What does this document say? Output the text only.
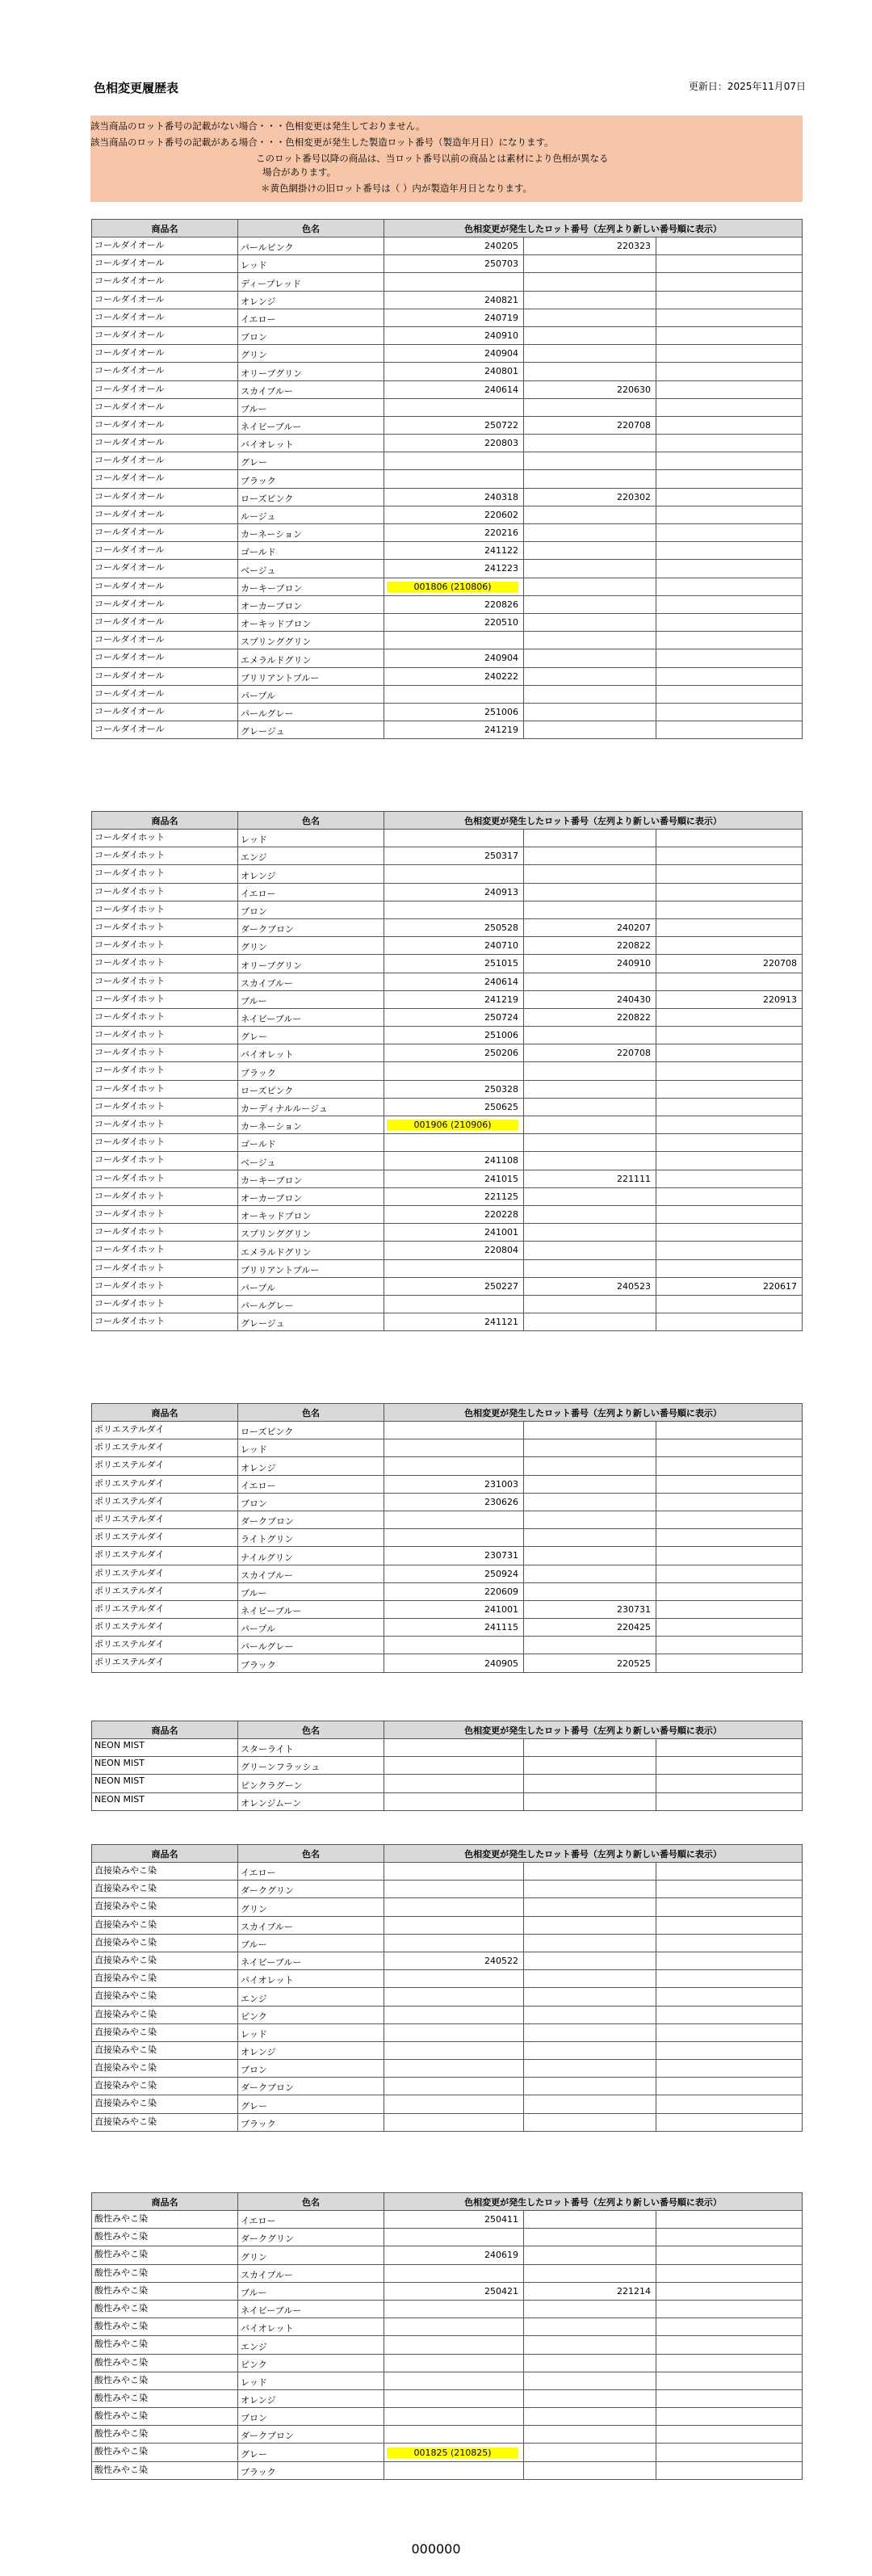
色相変更履歴表	更新日：2025年11月07日
該当商品のロット番号の記載がない場合・・・色相変更は発生しておりません。
該当商品のロット番号の記載がある場合・・・色相変更が発生した製造ロット番号（製造年月日）になります。
このロット番号以降の商品は、当ロット番号以前の商品とは素材により色相が異なる
場合があります。
＊黄色網掛けの旧ロット番号は（ ）内が製造年月日となります。
商品名	色名	色相変更が発生したロット番号（左列より新しい番号順に表示）		
コールダイオール	パールピンク	240205	220323	
コールダイオール	レッド	250703		
コールダイオール	ディープレッド			
コールダイオール	オレンジ	240821		
コールダイオール	イエロー	240719		
コールダイオール	ブロン	240910		
コールダイオール	グリン	240904		
コールダイオール	オリーブグリン	240801		
コールダイオール	スカイブルー	240614	220630	
コールダイオール	ブルー			
コールダイオール	ネイビーブルー	250722	220708	
コールダイオール	バイオレット	220803		
コールダイオール	グレー			
コールダイオール	ブラック			
コールダイオール	ローズピンク	240318	220302	
コールダイオール	ルージュ	220602		
コールダイオール	カーネーション	220216		
コールダイオール	ゴールド	241122		
コールダイオール	ベージュ	241223		
コールダイオール	カーキーブロン	001806 (210806)		
コールダイオール	オーカーブロン	220826		
コールダイオール	オーキッドブロン	220510		
コールダイオール	スプリンググリン			
コールダイオール	エメラルドグリン	240904		
コールダイオール	ブリリアントブルー	240222		
コールダイオール	パープル			
コールダイオール	パールグレー	251006		
コールダイオール	グレージュ	241219		
商品名	色名	色相変更が発生したロット番号（左列より新しい番号順に表示）		
コールダイホット	レッド			
コールダイホット	エンジ	250317		
コールダイホット	オレンジ			
コールダイホット	イエロー	240913		
コールダイホット	ブロン			
コールダイホット	ダークブロン	250528	240207	
コールダイホット	グリン	240710	220822	
コールダイホット	オリーブグリン	251015	240910	220708
コールダイホット	スカイブルー	240614		
コールダイホット	ブルー	241219	240430	220913
コールダイホット	ネイビーブルー	250724	220822	
コールダイホット	グレー	251006		
コールダイホット	バイオレット	250206	220708	
コールダイホット	ブラック			
コールダイホット	ローズピンク	250328		
コールダイホット	カーディナルルージュ	250625		
コールダイホット	カーネーション	001906 (210906)		
コールダイホット	ゴールド			
コールダイホット	ベージュ	241108		
コールダイホット	カーキーブロン	241015	221111	
コールダイホット	オーカーブロン	221125		
コールダイホット	オーキッドブロン	220228		
コールダイホット	スプリンググリン	241001		
コールダイホット	エメラルドグリン	220804		
コールダイホット	ブリリアントブルー			
コールダイホット	パープル	250227	240523	220617
コールダイホット	パールグレー			
コールダイホット	グレージュ	241121		
商品名	色名	色相変更が発生したロット番号（左列より新しい番号順に表示）		
ポリエステルダイ	ローズピンク			
ポリエステルダイ	レッド			
ポリエステルダイ	オレンジ			
ポリエステルダイ	イエロー	231003		
ポリエステルダイ	ブロン	230626		
ポリエステルダイ	ダークブロン			
ポリエステルダイ	ライトグリン			
ポリエステルダイ	ナイルグリン	230731		
ポリエステルダイ	スカイブルー	250924		
ポリエステルダイ	ブルー	220609		
ポリエステルダイ	ネイビーブルー	241001	230731	
ポリエステルダイ	パープル	241115	220425	
ポリエステルダイ	パールグレー			
ポリエステルダイ	ブラック	240905	220525	
商品名	色名	色相変更が発生したロット番号（左列より新しい番号順に表示）		
NEON MIST	スターライト			
NEON MIST	グリーンフラッシュ			
NEON MIST	ピンクラグーン			
NEON MIST	オレンジムーン			
商品名	色名	色相変更が発生したロット番号（左列より新しい番号順に表示）		
直接染みやこ染	イエロー			
直接染みやこ染	ダークグリン			
直接染みやこ染	グリン			
直接染みやこ染	スカイブルー			
直接染みやこ染	ブルー			
直接染みやこ染	ネイビーブルー	240522		
直接染みやこ染	バイオレット			
直接染みやこ染	エンジ			
直接染みやこ染	ピンク			
直接染みやこ染	レッド			
直接染みやこ染	オレンジ			
直接染みやこ染	ブロン			
直接染みやこ染	ダークブロン			
直接染みやこ染	グレー			
直接染みやこ染	ブラック			
商品名	色名	色相変更が発生したロット番号（左列より新しい番号順に表示）		
酸性みやこ染	イエロー	250411		
酸性みやこ染	ダークグリン			
酸性みやこ染	グリン	240619		
酸性みやこ染	スカイブルー			
酸性みやこ染	ブルー	250421	221214	
酸性みやこ染	ネイビーブルー			
酸性みやこ染	バイオレット			
酸性みやこ染	エンジ			
酸性みやこ染	ピンク			
酸性みやこ染	レッド			
酸性みやこ染	オレンジ			
酸性みやこ染	ブロン			
酸性みやこ染	ダークブロン			
酸性みやこ染	グレー	001825 (210825)		
酸性みやこ染	ブラック			
000000
